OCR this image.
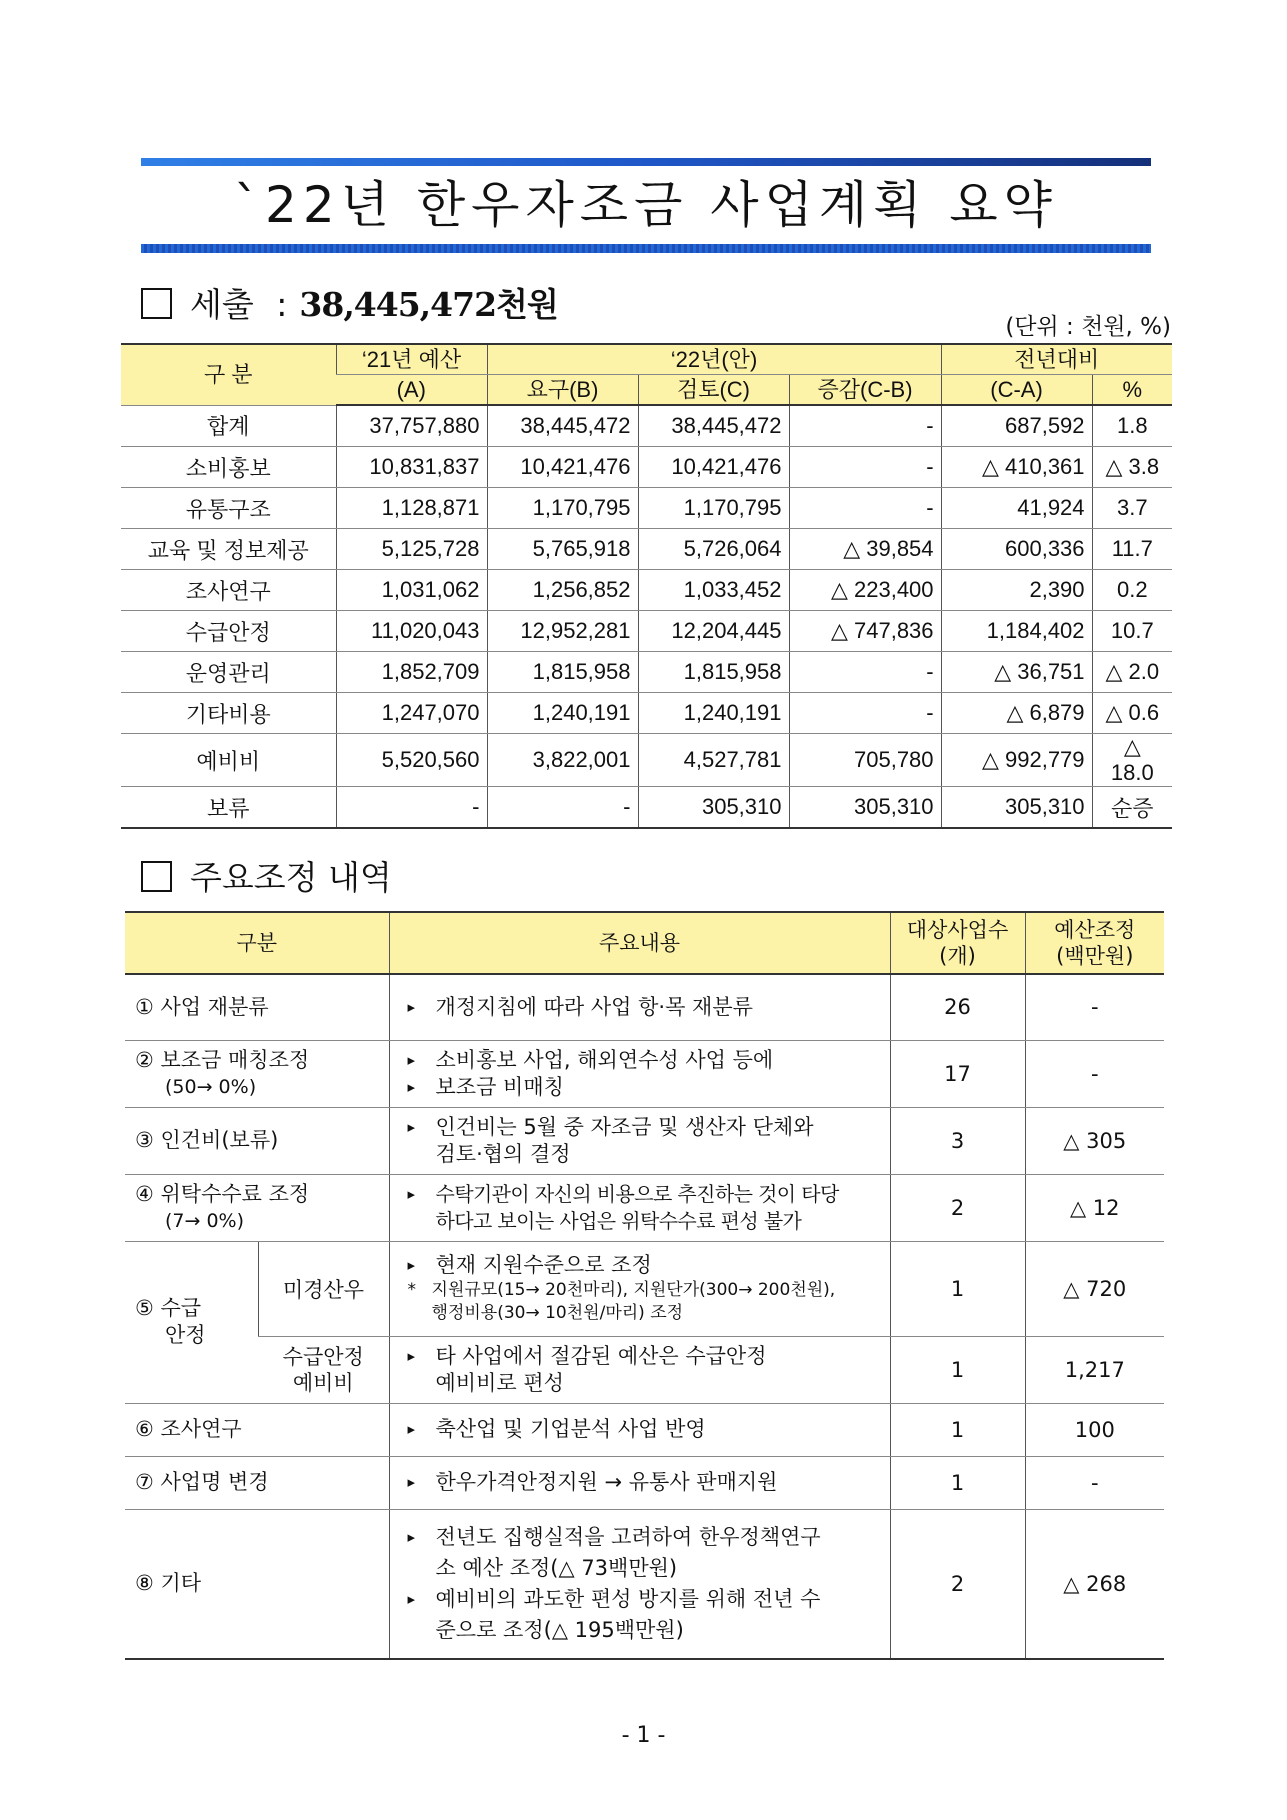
`22년 한우자조금 사업계획 요약
세출 : 38,445,472천원
(단위 : 천원, %)
구 분	‘21년 예산	‘22년(안)			전년대비	
	(A)	요구(B)	검토(C)	증감(C-B)	(C-A)	%
합계	37,757,880	38,445,472	38,445,472	-	687,592	1.8
소비홍보	10,831,837	10,421,476	10,421,476	-	△ 410,361	△ 3.8
유통구조	1,128,871	1,170,795	1,170,795	-	41,924	3.7
교육 및 정보제공	5,125,728	5,765,918	5,726,064	△ 39,854	600,336	11.7
조사연구	1,031,062	1,256,852	1,033,452	△ 223,400	2,390	0.2
수급안정	11,020,043	12,952,281	12,204,445	△ 747,836	1,184,402	10.7
운영관리	1,852,709	1,815,958	1,815,958	-	△ 36,751	△ 2.0
기타비용	1,247,070	1,240,191	1,240,191	-	△ 6,879	△ 0.6
예비비	5,520,560	3,822,001	4,527,781	705,780	△ 992,779	△ 18.0
보류	-	-	305,310	305,310	305,310	순증
주요조정 내역
구분		주요내용	대상사업수
(개)	예산조정
(백만원)

① 사업 재분류		▸ 개정지침에 따라 사업 항·목 재분류	26	-

② 보조금 매칭조정
(50→ 0%)		▸ 소비홍보 사업, 해외연수성 사업 등에
▸ 보조금 비매칭	17	-
③ 인건비(보류)		▸ 인건비는 5월 중 자조금 및 생산자 단체와
검토·협의 결정	3	△ 305

④ 위탁수수료 조정
(7→ 0%)		▸ 수탁기관이 자신의 비용으로 추진하는 것이 타당
하다고 보이는 사업은 위탁수수료 편성 불가	2	△ 12

⑤ 수급
안정	미경산우	▸ 현재 지원수준으로 조정
* 지원규모(15→ 20천마리), 지원단가(300→ 200천원),
행정비용(30→ 10천원/마리) 조정	1	△ 720

	수급안정
예비비	▸ 타 사업에서 절감된 예산은 수급안정
예비비로 편성	1	1,217
⑥ 조사연구		▸ 축산업 및 기업분석 사업 반영	1	100
⑦ 사업명 변경		▸ 한우가격안정지원 → 유통사 판매지원	1	-
⑧ 기타		▸ 전년도 집행실적을 고려하여 한우정책연구
소 예산 조정(△ 73백만원)
▸ 예비비의 과도한 편성 방지를 위해 전년 수
준으로 조정(△ 195백만원)	2	△ 268
- 1 -
